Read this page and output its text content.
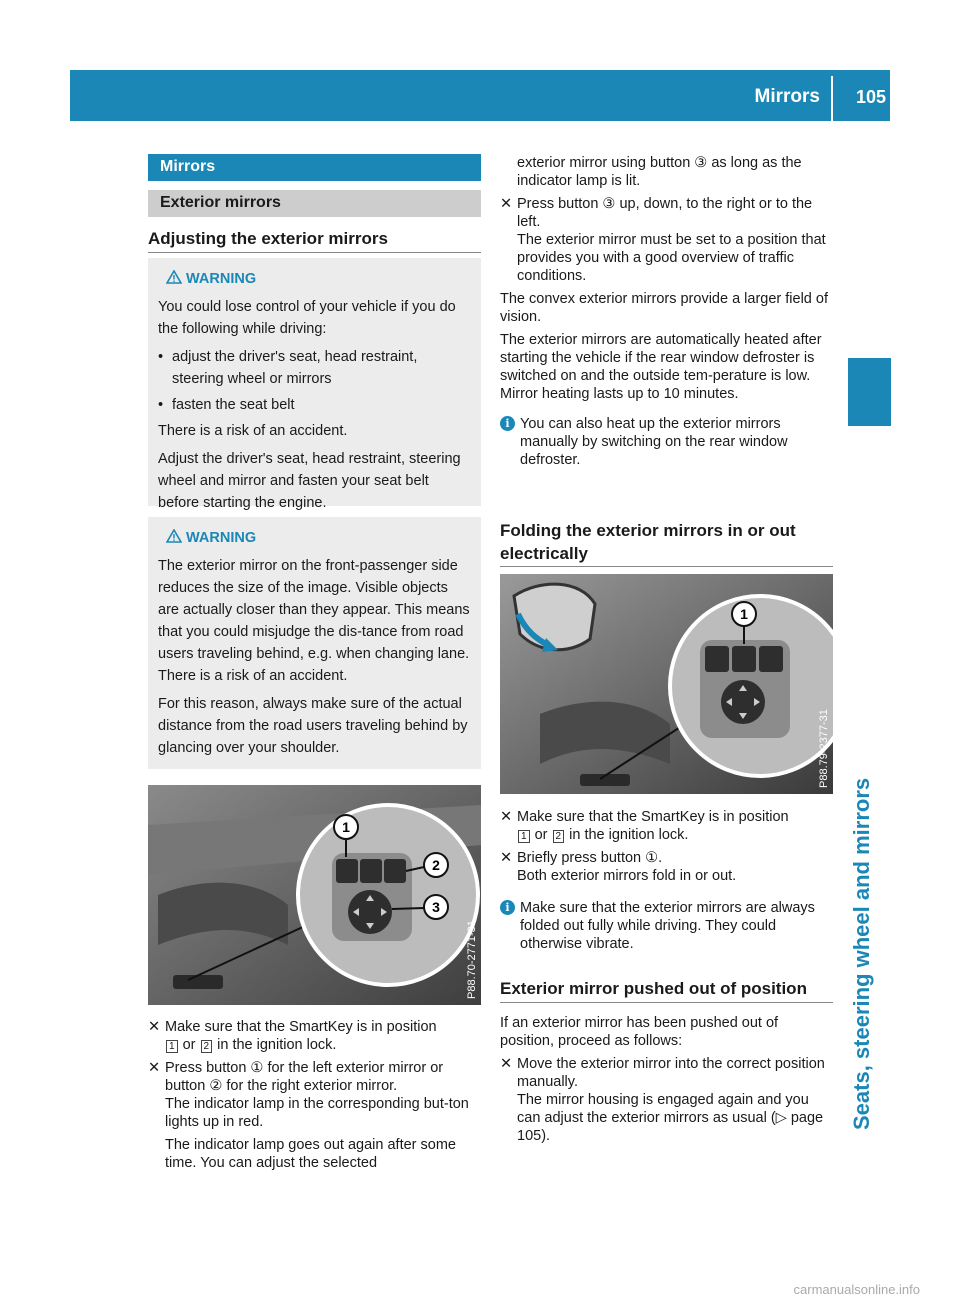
Mirrors 105
Seats, steering wheel and mirrors
Mirrors
Exterior mirrors
Adjusting the exterior mirrors
WARNING

You could lose control of your vehicle if you do the following while driving:

• adjust the driver's seat, head restraint, steering wheel or mirrors
• fasten the seat belt

There is a risk of an accident.

Adjust the driver's seat, head restraint, steering wheel and mirror and fasten your seat belt before starting the engine.

WARNING

The exterior mirror on the front-passenger side reduces the size of the image. Visible objects are actually closer than they appear. This means that you could misjudge the dis-tance from road users traveling behind, e.g. when changing lane. There is a risk of an accident.

For this reason, always make sure of the actual distance from the road users traveling behind by glancing over your shoulder.

1
2
3
P88.70-2771-31
✕ Make sure that the SmartKey is in position
1 or 2 in the ignition lock.
✕ Press button ① for the left exterior mirror or button ② for the right exterior mirror.
The indicator lamp in the corresponding but-ton lights up in red.
The indicator lamp goes out again after some time. You can adjust the selected
exterior mirror using button ③ as long as the indicator lamp is lit.
✕ Press button ③ up, down, to the right or to the left.
The exterior mirror must be set to a position that provides you with a good overview of traffic conditions.
The convex exterior mirrors provide a larger field of vision.
The exterior mirrors are automatically heated after starting the vehicle if the rear window defroster is switched on and the outside tem-perature is low. Mirror heating lasts up to 10 minutes.
i You can also heat up the exterior mirrors manually by switching on the rear window defroster.
Folding the exterior mirrors in or out electrically
1
P88.79-2377-31
✕ Make sure that the SmartKey is in position
1 or 2 in the ignition lock.
✕ Briefly press button ①.
Both exterior mirrors fold in or out.
i Make sure that the exterior mirrors are always folded out fully while driving. They could otherwise vibrate.
Exterior mirror pushed out of position
If an exterior mirror has been pushed out of position, proceed as follows:
✕ Move the exterior mirror into the correct position manually.
The mirror housing is engaged again and you can adjust the exterior mirrors as usual (▷ page 105).
carmanualsonline.info
